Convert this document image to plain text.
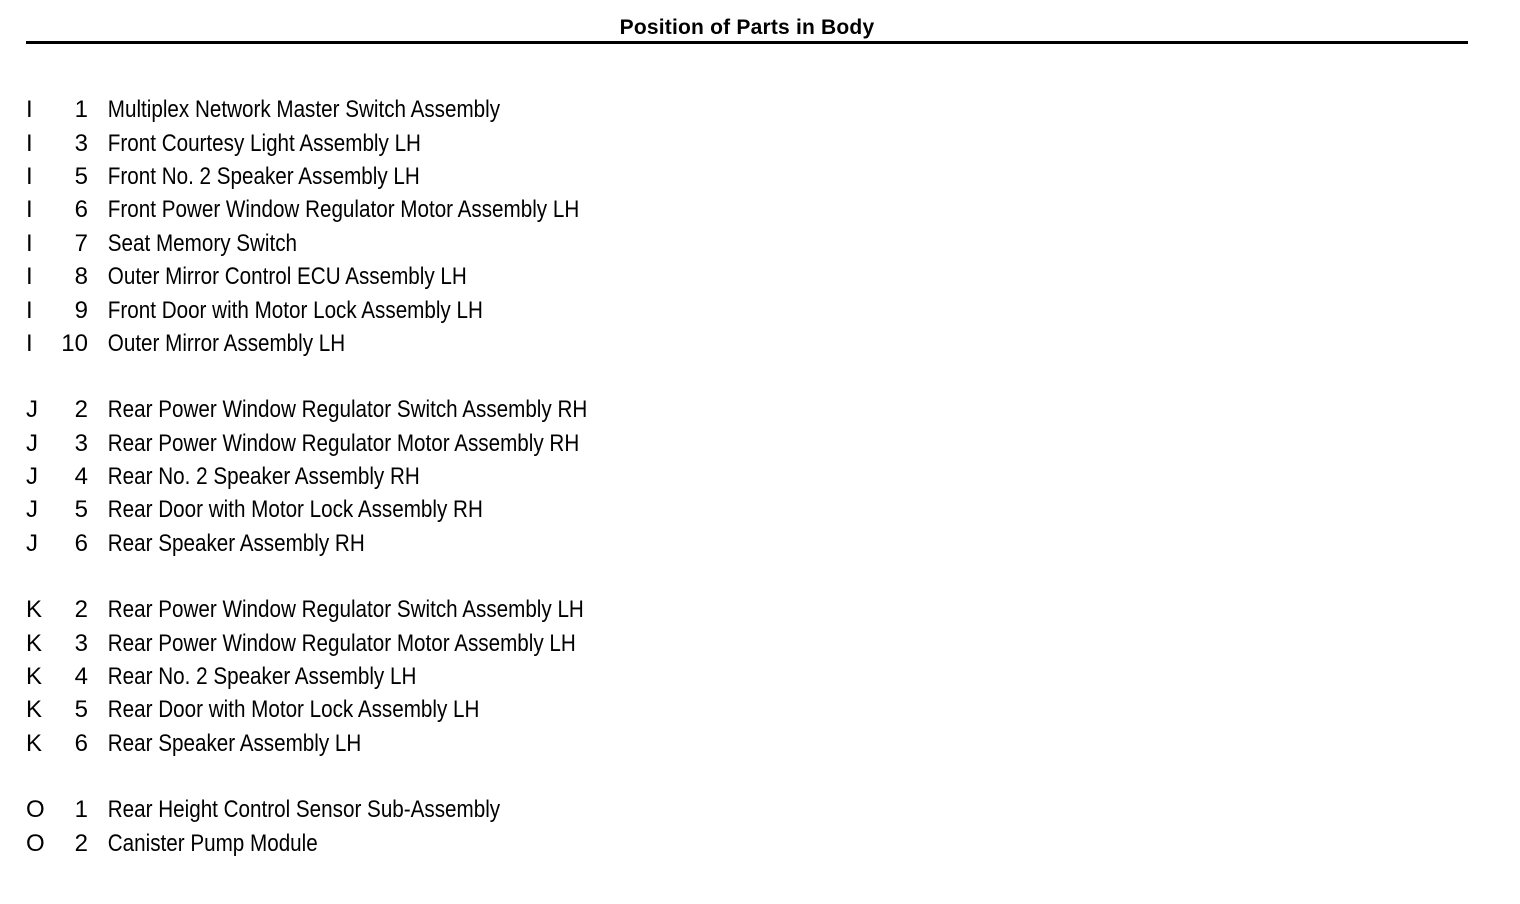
Position of Parts in Body
I	1 Multiplex Network Master Switch Assembly
I	3 Front Courtesy Light Assembly LH
I	5 Front No. 2 Speaker Assembly LH
I	6 Front Power Window Regulator Motor Assembly LH
I	7 Seat Memory Switch
I	8 Outer Mirror Control ECU Assembly LH
I	9 Front Door with Motor Lock Assembly LH
I	10 Outer Mirror Assembly LH
J	2 Rear Power Window Regulator Switch Assembly RH
J	3 Rear Power Window Regulator Motor Assembly RH
J	4 Rear No. 2 Speaker Assembly RH
J	5 Rear Door with Motor Lock Assembly RH
J	6 Rear Speaker Assembly RH
K	2 Rear Power Window Regulator Switch Assembly LH
K	3 Rear Power Window Regulator Motor Assembly LH
K	4 Rear No. 2 Speaker Assembly LH
K	5 Rear Door with Motor Lock Assembly LH
K	6 Rear Speaker Assembly LH
O	1 Rear Height Control Sensor Sub-Assembly
O	2 Canister Pump Module
